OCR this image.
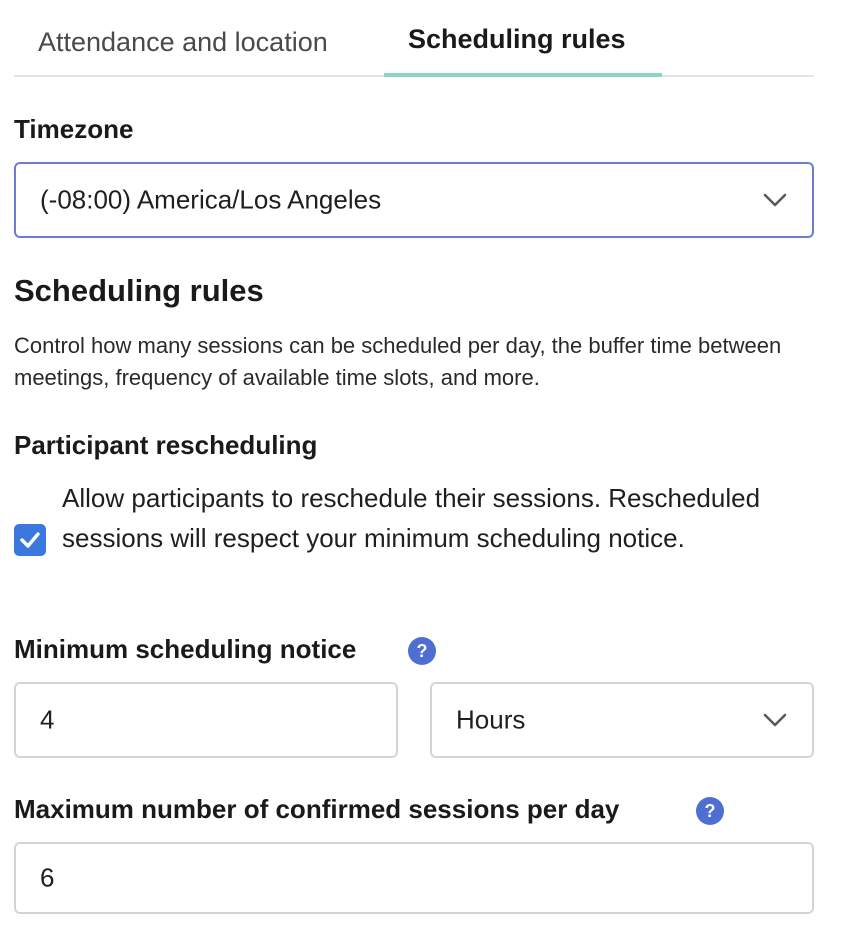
Attendance and location	Scheduling rules
Timezone
(-08:00) America/Los Angeles
Scheduling rules
Control how many sessions can be scheduled per day, the buffer time between meetings, frequency of available time slots, and more.
Participant rescheduling
Allow participants to reschedule their sessions. Rescheduled sessions will respect your minimum scheduling notice.
Minimum scheduling notice	?
4	Hours
Maximum number of confirmed sessions per day	?
6
